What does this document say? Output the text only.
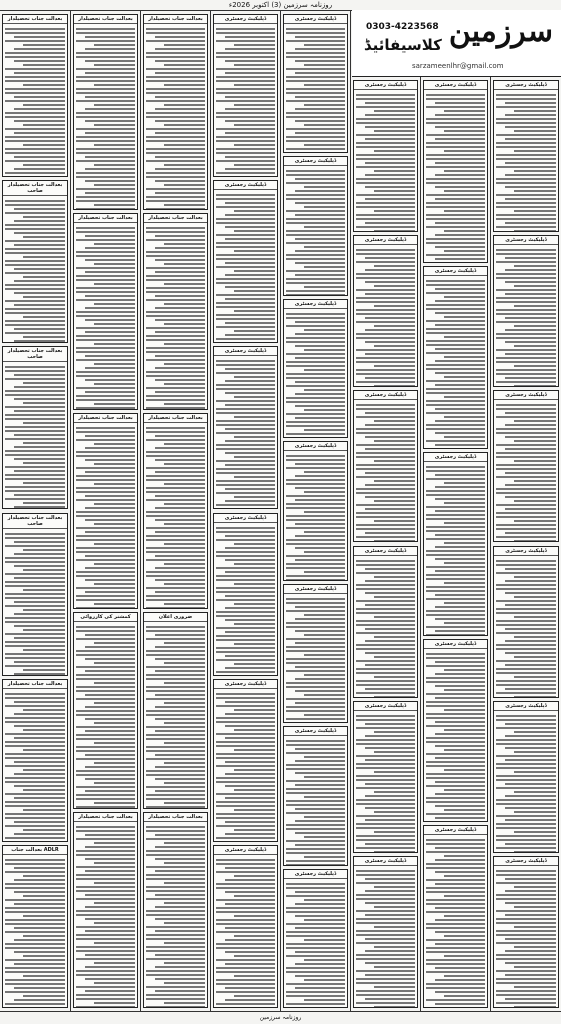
روزنامہ سرزمین (3) اکتوبر 2026ء
بعدالت جناب تحصیلدار
بعدالت جناب تحصیلدار صاحب
بعدالت جناب تحصیلدار صاحب
بعدالت جناب تحصیلدار صاحب
بعدالت جناب تحصیلدار
بعدالت جناب ADLR
بعدالت جناب تحصیلدار
بعدالت جناب تحصیلدار
بعدالت جناب تحصیلدار
کمشنر کی کارروائی
بعدالت جناب تحصیلدار
بعدالت جناب تحصیلدار
بعدالت جناب تحصیلدار
بعدالت جناب تحصیلدار
ضروری اعلان
بعدالت جناب تحصیلدار
ڈپلیکیٹ رجسٹری
ڈپلیکیٹ رجسٹری
ڈپلیکیٹ رجسٹری
ڈپلیکیٹ رجسٹری
ڈپلیکیٹ رجسٹری
ڈپلیکیٹ رجسٹری
ڈپلیکیٹ رجسٹری
ڈپلیکیٹ رجسٹری
ڈپلیکیٹ رجسٹری
ڈپلیکیٹ رجسٹری
ڈپلیکیٹ رجسٹری
ڈپلیکیٹ رجسٹری
ڈپلیکیٹ رجسٹری
ڈپلیکیٹ رجسٹری
ڈپلیکیٹ رجسٹری
ڈپلیکیٹ رجسٹری
ڈپلیکیٹ رجسٹری
ڈپلیکیٹ رجسٹری
ڈپلیکیٹ رجسٹری
ڈپلیکیٹ رجسٹری
ڈپلیکیٹ رجسٹری
ڈپلیکیٹ رجسٹری
ڈپلیکیٹ رجسٹری
ڈپلیکیٹ رجسٹری
ڈپلیکیٹ رجسٹری
ڈپلیکیٹ رجسٹری
ڈپلیکیٹ رجسٹری
ڈپلیکیٹ رجسٹری
ڈپلیکیٹ رجسٹری
ڈپلیکیٹ رجسٹری
سرزمین
0303-4223568
کلاسیفائیڈ
sarzameenlhr@gmail.com
روزنامہ سرزمین
